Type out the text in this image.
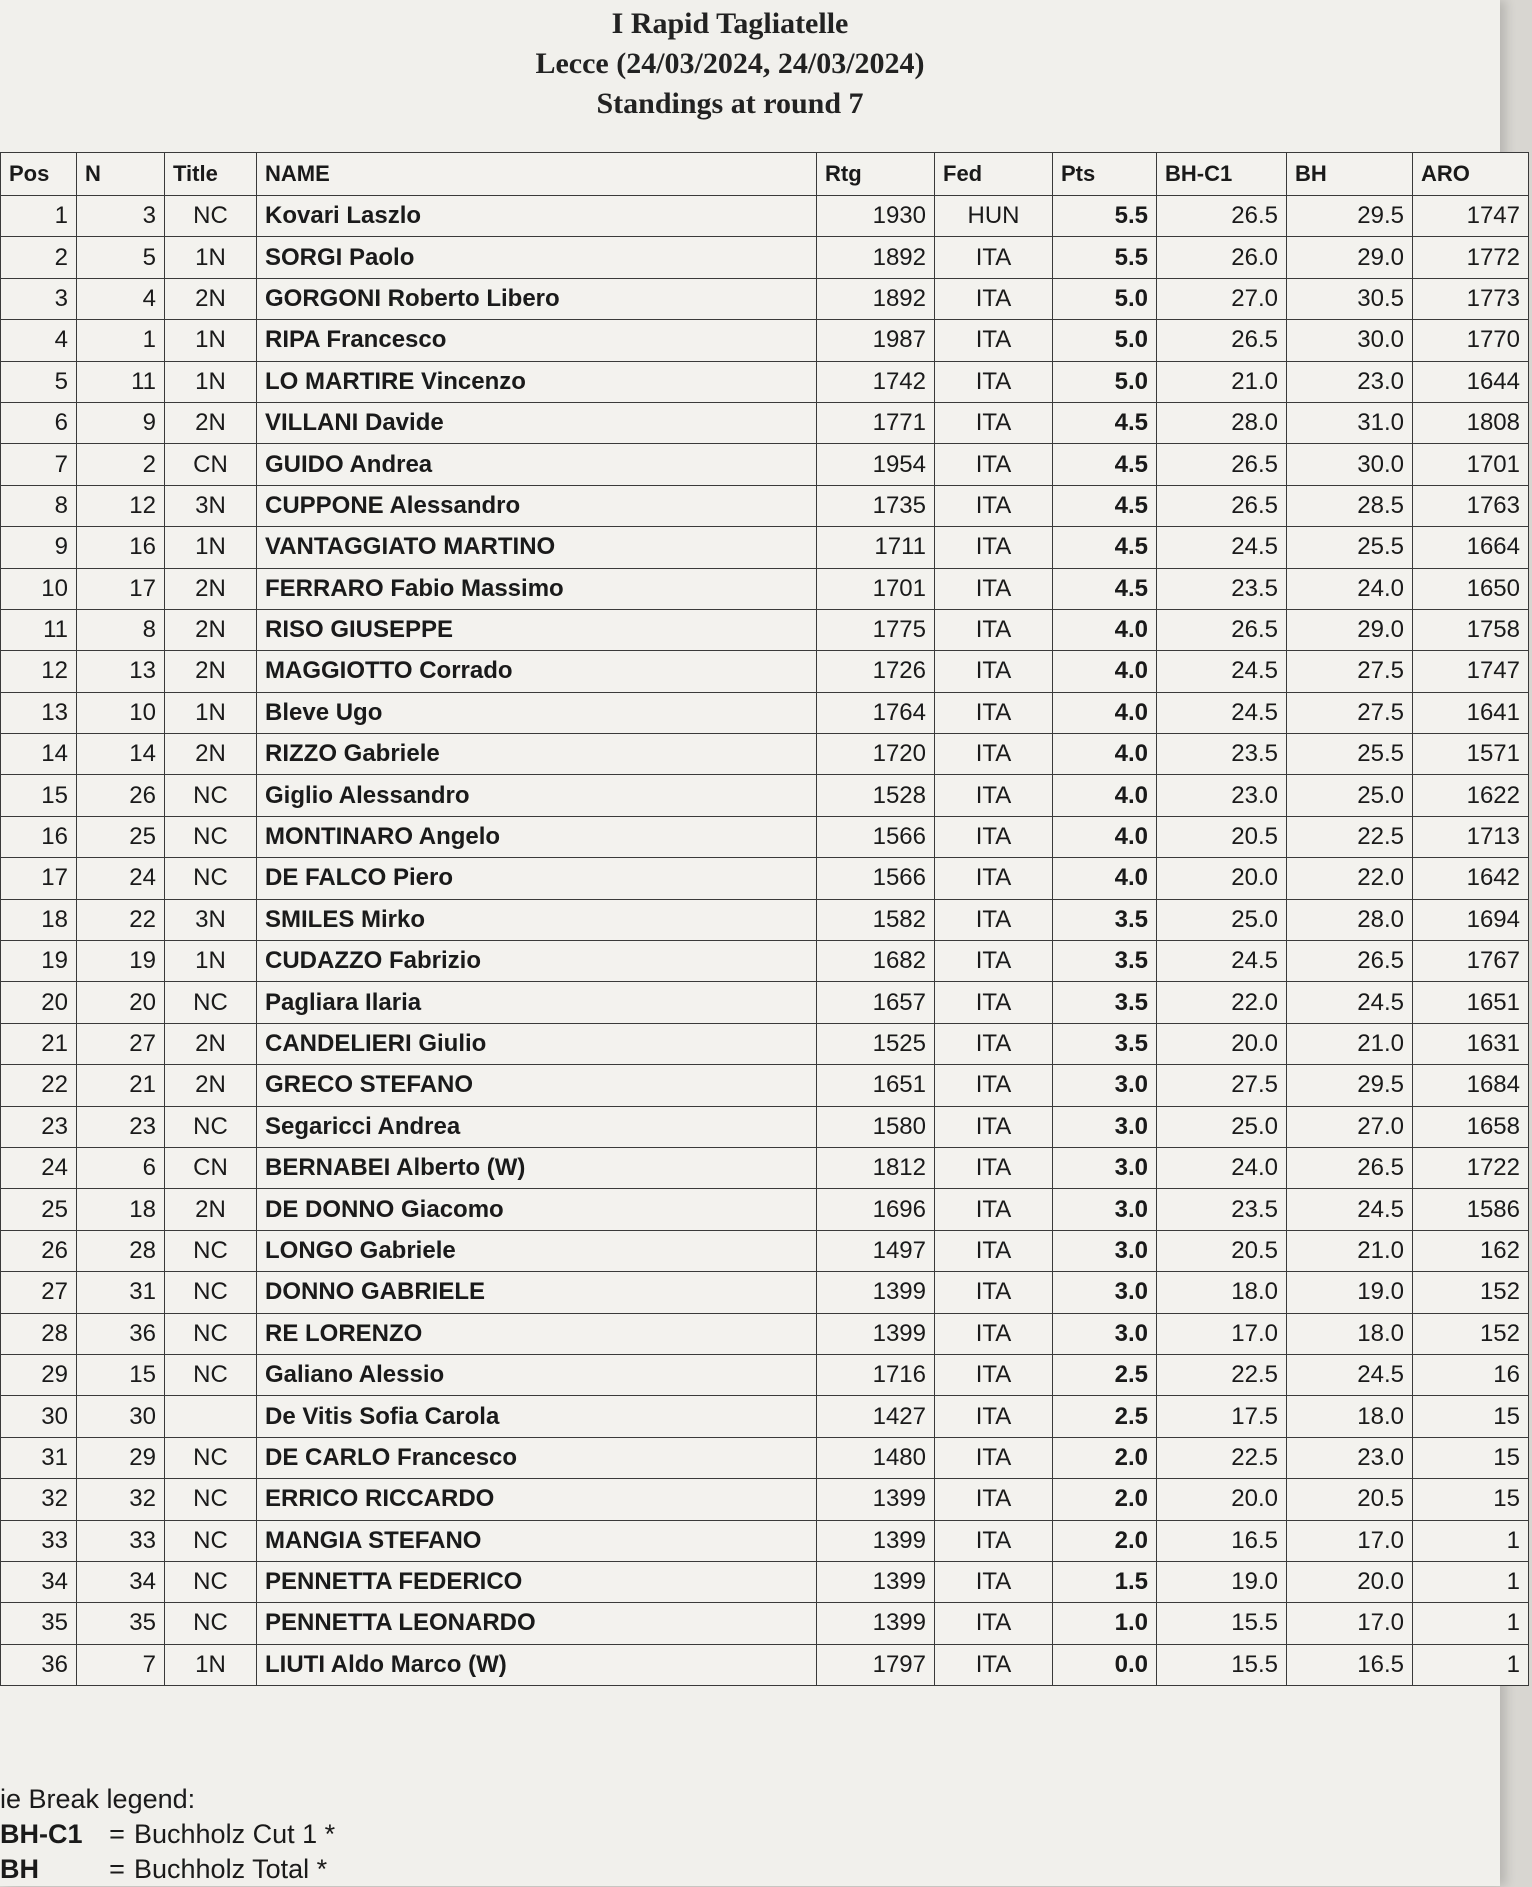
I Rapid Tagliatelle
Lecce (24/03/2024, 24/03/2024)
Standings at round 7
Pos	N	Title	NAME	Rtg	Fed	Pts	BH-C1	BH	ARO
1	3	NC	Kovari Laszlo	1930	HUN	5.5	26.5	29.5	1747
2	5	1N	SORGI Paolo	1892	ITA	5.5	26.0	29.0	1772
3	4	2N	GORGONI Roberto Libero	1892	ITA	5.0	27.0	30.5	1773
4	1	1N	RIPA Francesco	1987	ITA	5.0	26.5	30.0	1770
5	11	1N	LO MARTIRE Vincenzo	1742	ITA	5.0	21.0	23.0	1644
6	9	2N	VILLANI Davide	1771	ITA	4.5	28.0	31.0	1808
7	2	CN	GUIDO Andrea	1954	ITA	4.5	26.5	30.0	1701
8	12	3N	CUPPONE Alessandro	1735	ITA	4.5	26.5	28.5	1763
9	16	1N	VANTAGGIATO MARTINO	1711	ITA	4.5	24.5	25.5	1664
10	17	2N	FERRARO Fabio Massimo	1701	ITA	4.5	23.5	24.0	1650
11	8	2N	RISO GIUSEPPE	1775	ITA	4.0	26.5	29.0	1758
12	13	2N	MAGGIOTTO Corrado	1726	ITA	4.0	24.5	27.5	1747
13	10	1N	Bleve Ugo	1764	ITA	4.0	24.5	27.5	1641
14	14	2N	RIZZO Gabriele	1720	ITA	4.0	23.5	25.5	1571
15	26	NC	Giglio Alessandro	1528	ITA	4.0	23.0	25.0	1622
16	25	NC	MONTINARO Angelo	1566	ITA	4.0	20.5	22.5	1713
17	24	NC	DE FALCO Piero	1566	ITA	4.0	20.0	22.0	1642
18	22	3N	SMILES Mirko	1582	ITA	3.5	25.0	28.0	1694
19	19	1N	CUDAZZO Fabrizio	1682	ITA	3.5	24.5	26.5	1767
20	20	NC	Pagliara Ilaria	1657	ITA	3.5	22.0	24.5	1651
21	27	2N	CANDELIERI Giulio	1525	ITA	3.5	20.0	21.0	1631
22	21	2N	GRECO STEFANO	1651	ITA	3.0	27.5	29.5	1684
23	23	NC	Segaricci Andrea	1580	ITA	3.0	25.0	27.0	1658
24	6	CN	BERNABEI Alberto (W)	1812	ITA	3.0	24.0	26.5	1722
25	18	2N	DE DONNO Giacomo	1696	ITA	3.0	23.5	24.5	1586
26	28	NC	LONGO Gabriele	1497	ITA	3.0	20.5	21.0	162
27	31	NC	DONNO GABRIELE	1399	ITA	3.0	18.0	19.0	152
28	36	NC	RE LORENZO	1399	ITA	3.0	17.0	18.0	152
29	15	NC	Galiano Alessio	1716	ITA	2.5	22.5	24.5	16
30	30		De Vitis Sofia Carola	1427	ITA	2.5	17.5	18.0	15
31	29	NC	DE CARLO Francesco	1480	ITA	2.0	22.5	23.0	15
32	32	NC	ERRICO RICCARDO	1399	ITA	2.0	20.0	20.5	15
33	33	NC	MANGIA STEFANO	1399	ITA	2.0	16.5	17.0	1
34	34	NC	PENNETTA FEDERICO	1399	ITA	1.5	19.0	20.0	1
35	35	NC	PENNETTA LEONARDO	1399	ITA	1.0	15.5	17.0	1
36	7	1N	LIUTI Aldo Marco (W)	1797	ITA	0.0	15.5	16.5	1
ie Break legend:
BH-C1 = Buchholz Cut 1 *
BH	= Buchholz Total *
